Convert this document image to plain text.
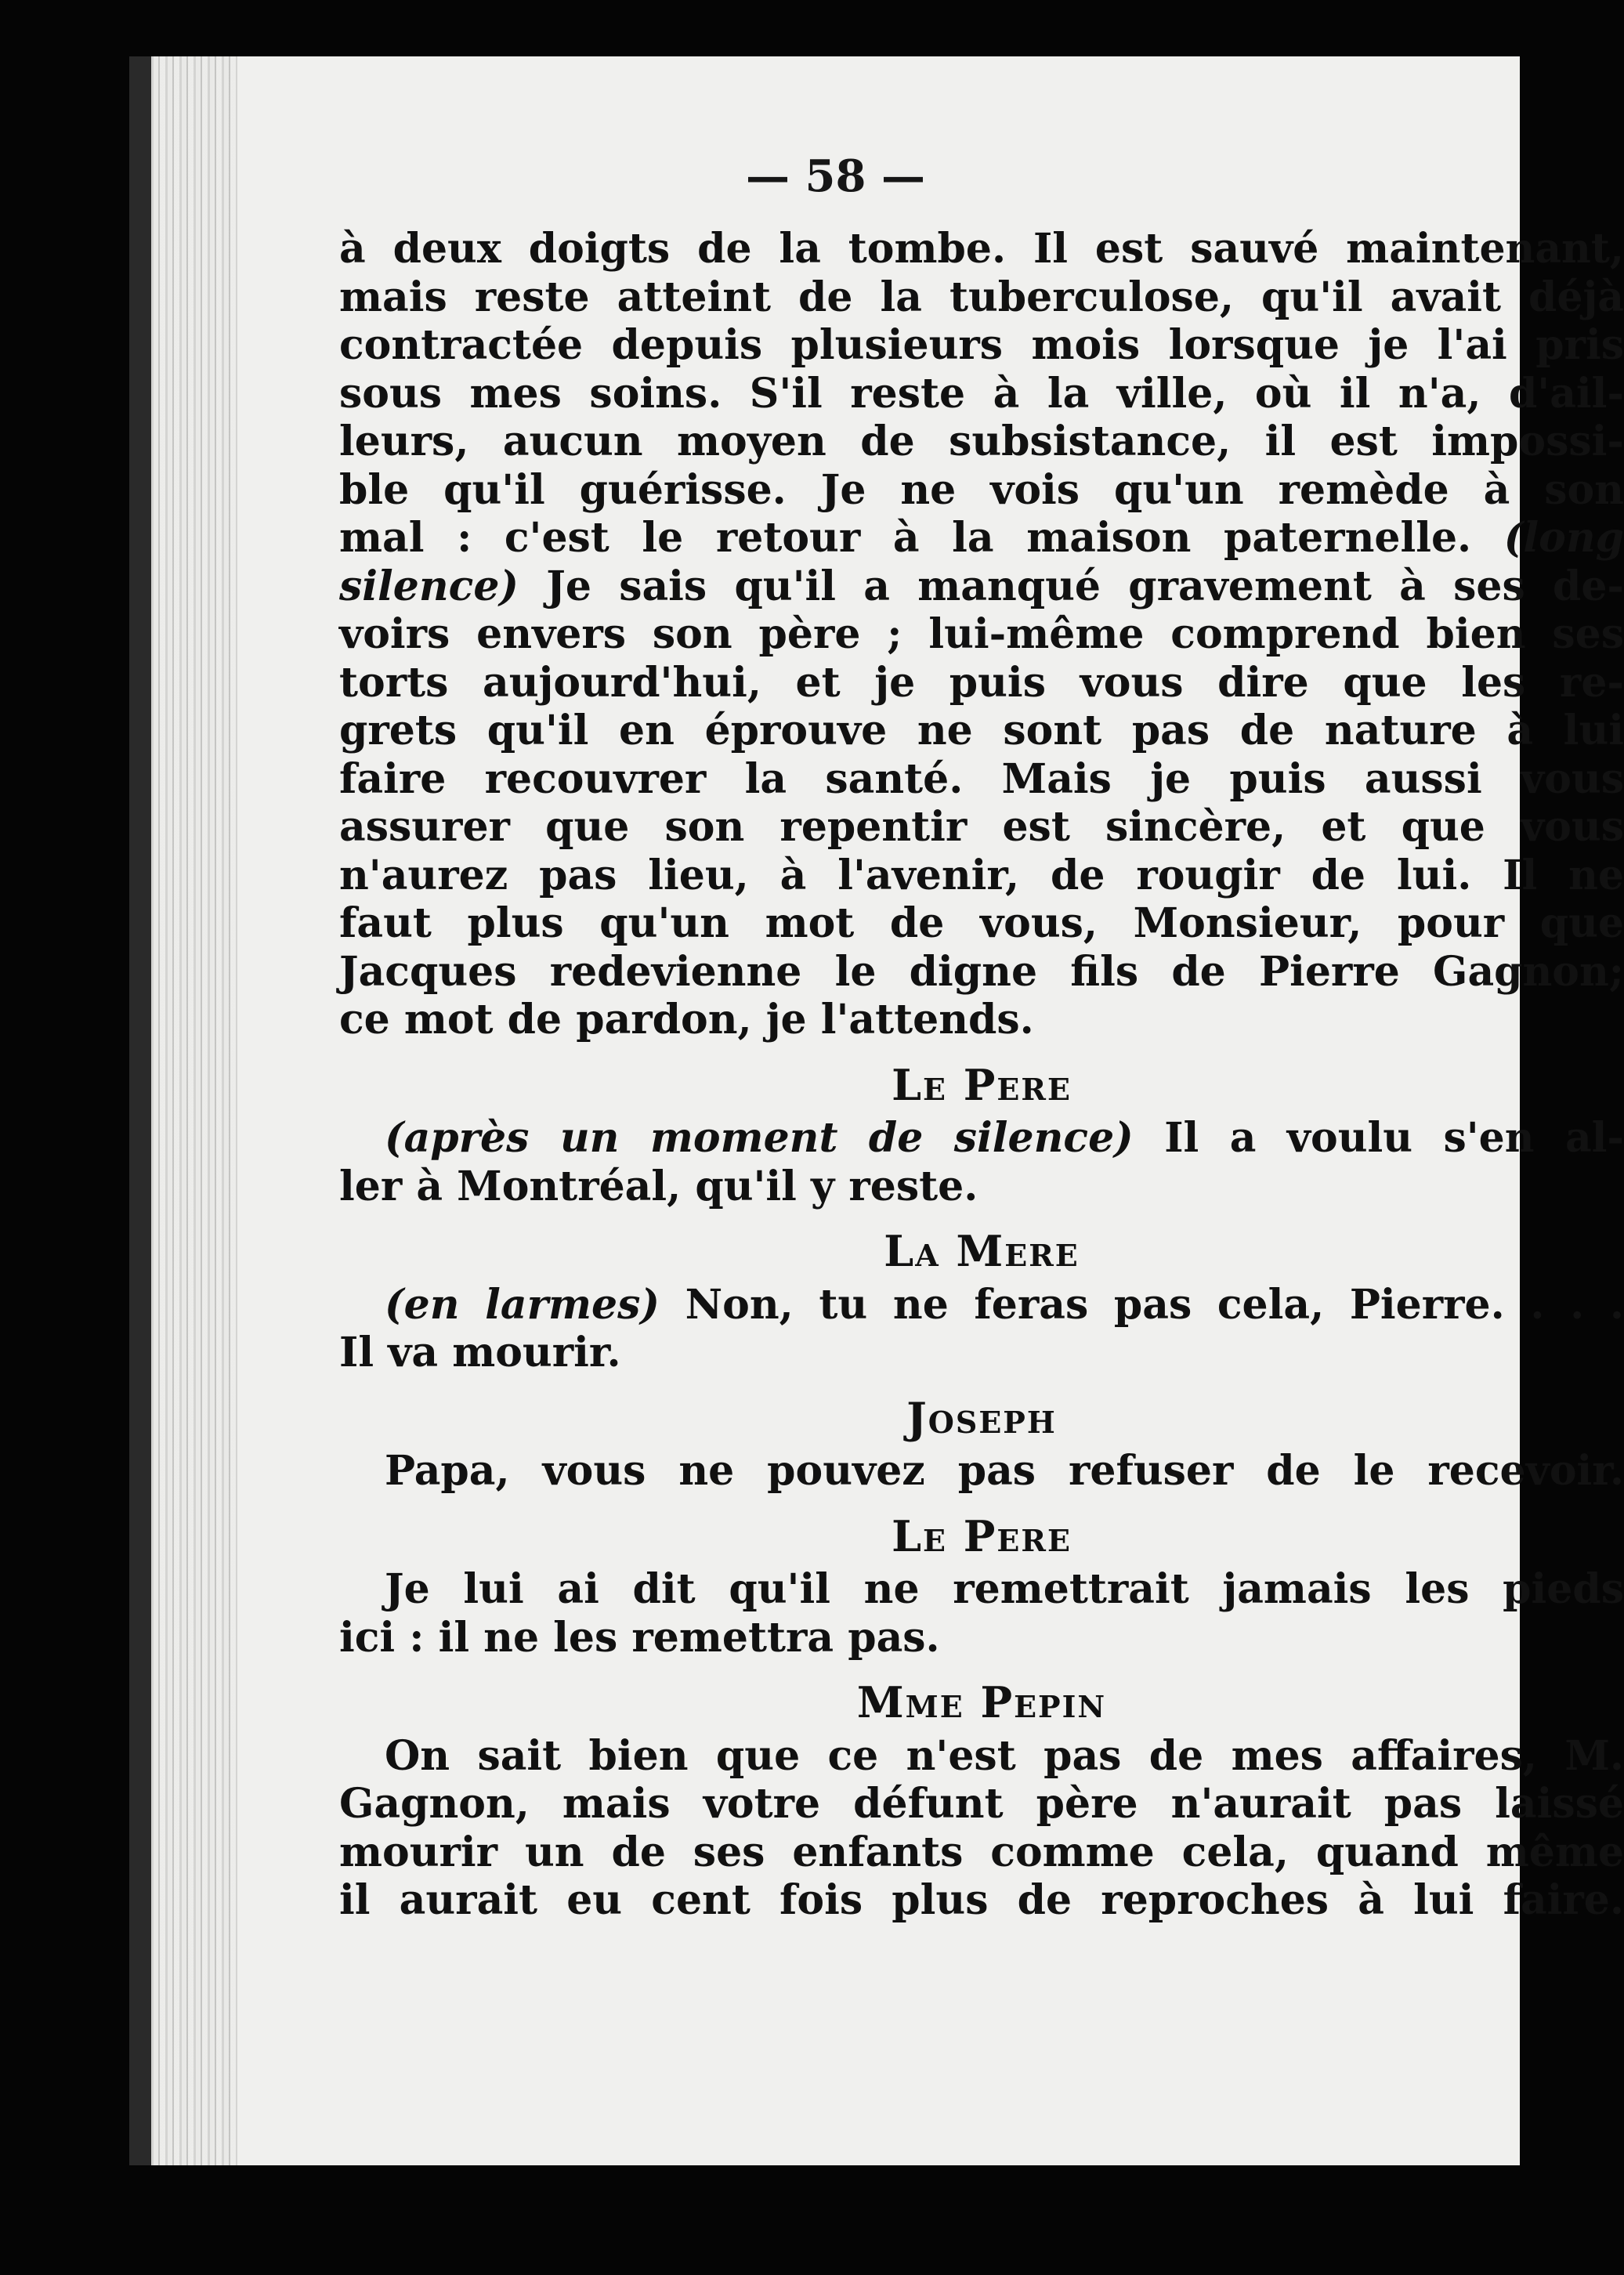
— 58 —
à deux doigts de la tombe. Il est sauvé maintenant,
mais reste atteint de la tuberculose, qu'il avait déjà
contractée depuis plusieurs mois lorsque je l'ai pris
sous mes soins. S'il reste à la ville, où il n'a, d'ail-
leurs, aucun moyen de subsistance, il est impossi-
ble qu'il guérisse. Je ne vois qu'un remède à son
mal : c'est le retour à la maison paternelle. (long
silence) Je sais qu'il a manqué gravement à ses de-
voirs envers son père ; lui-même comprend bien ses
torts aujourd'hui, et je puis vous dire que les re-
grets qu'il en éprouve ne sont pas de nature à lui
faire recouvrer la santé. Mais je puis aussi vous
assurer que son repentir est sincère, et que vous
n'aurez pas lieu, à l'avenir, de rougir de lui. Il ne
faut plus qu'un mot de vous, Monsieur, pour que
Jacques redevienne le digne fils de Pierre Gagnon;
ce mot de pardon, je l'attends.
Le Pere
(après un moment de silence) Il a voulu s'en al-
ler à Montréal, qu'il y reste.
La Mere
(en larmes) Non, tu ne feras pas cela, Pierre. . . .
Il va mourir.
Joseph
Papa, vous ne pouvez pas refuser de le recevoir.
Le Pere
Je lui ai dit qu'il ne remettrait jamais les pieds
ici : il ne les remettra pas.
Mme Pepin
On sait bien que ce n'est pas de mes affaires, M.
Gagnon, mais votre défunt père n'aurait pas laissé
mourir un de ses enfants comme cela, quand même
il aurait eu cent fois plus de reproches à lui faire.
